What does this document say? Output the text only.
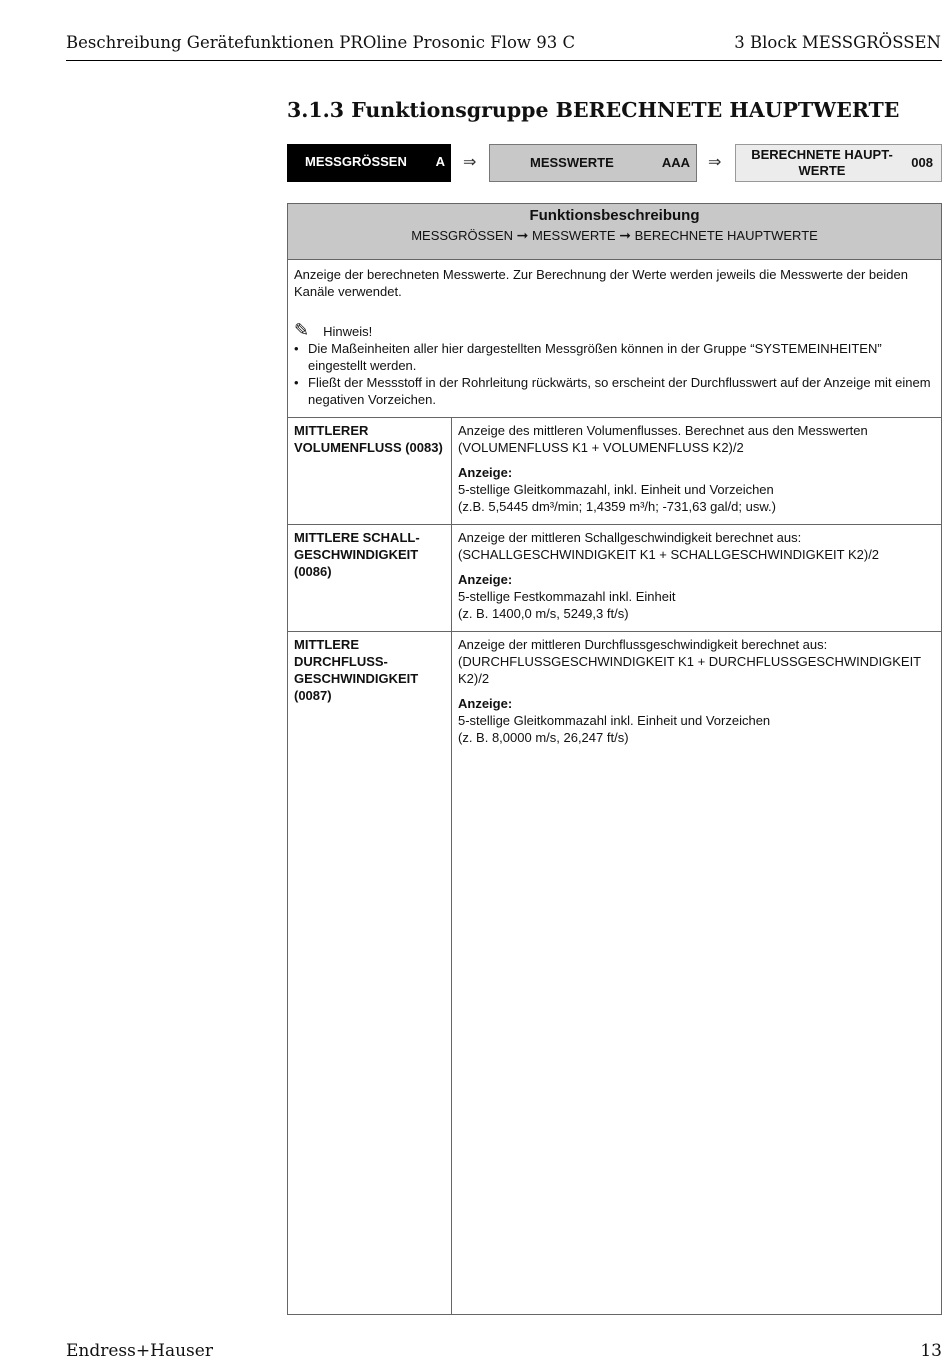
Beschreibung Gerätefunktionen PROline Prosonic Flow 93 C	3 Block MESSGRÖSSEN
3.1.3 Funktionsgruppe BERECHNETE HAUPTWERTE
MESSGRÖSSEN A ⇒	MESSWERTE	AAA ⇒	BERECHNETE HAUPT-WERTE
008
Funktionsbeschreibung
MESSGRÖSSEN ➞ MESSWERTE ➞ BERECHNETE HAUPTWERTE

Anzeige der berechneten Messwerte. Zur Berechnung der Werte werden jeweils die Messwerte der beiden Kanäle verwendet.

✎ Hinweis!
• Die Maßeinheiten aller hier dargestellten Messgrößen können in der Gruppe “SYSTEMEINHEITEN” eingestellt werden.
• Fließt der Messstoff in der Rohrleitung rückwärts, so erscheint der Durchflusswert auf der Anzeige mit einem negativen Vorzeichen.
MITTLERER VOLUMENFLUSS (0083)

Anzeige des mittleren Volumenflusses. Berechnet aus den Messwerten (VOLUMENFLUSS K1 + VOLUMENFLUSS K2)/2

Anzeige:

5-stellige Gleitkommazahl, inkl. Einheit und Vorzeichen

(z.B. 5,5445 dm³/min; 1,4359 m³/h; -731,63 gal/d; usw.)

MITTLERE SCHALL-GESCHWINDIGKEIT (0086)

Anzeige der mittleren Schallgeschwindigkeit berechnet aus: (SCHALLGESCHWINDIGKEIT K1 + SCHALLGESCHWINDIGKEIT K2)/2

Anzeige:

5-stellige Festkommazahl inkl. Einheit

(z. B. 1400,0 m/s, 5249,3 ft/s)

MITTLERE DURCHFLUSS-GESCHWINDIGKEIT (0087)

Anzeige der mittleren Durchflussgeschwindigkeit berechnet aus: (DURCHFLUSSGESCHWINDIGKEIT K1 + DURCHFLUSSGESCHWINDIGKEIT K2)/2

Anzeige:

5-stellige Gleitkommazahl inkl. Einheit und Vorzeichen

(z. B. 8,0000 m/s, 26,247 ft/s)

Endress+Hauser	13
